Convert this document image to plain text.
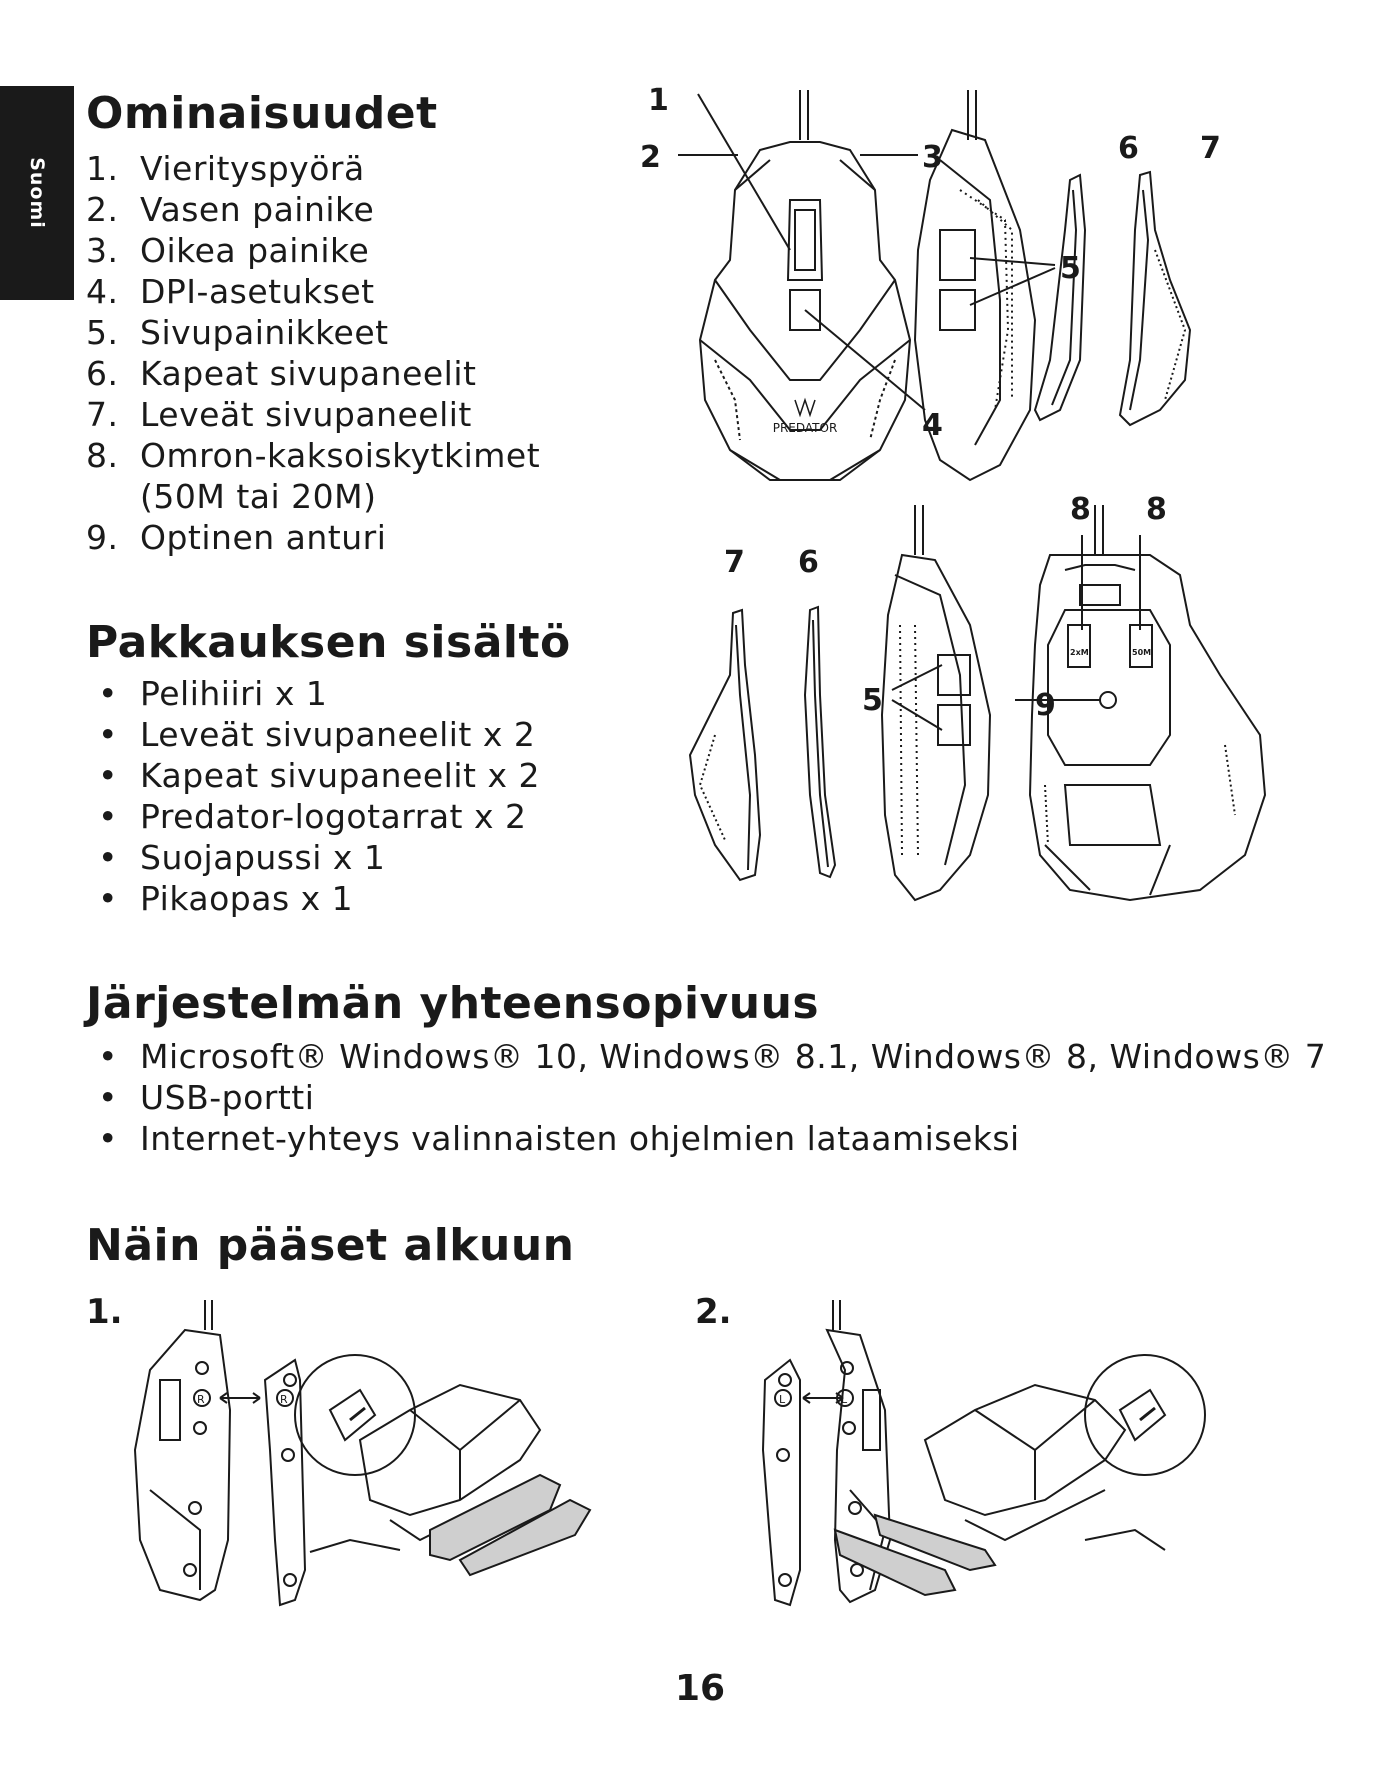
Suomi
Ominaisuudet
1. Vierityspyörä
2. Vasen painike
3. Oikea painike
4. DPI-asetukset
5. Sivupainikkeet
6. Kapeat sivupaneelit
7. Leveät sivupaneelit
8. Omron-kaksoiskytkimet
(50M tai 20M)
9. Optinen anturi
Pakkauksen sisältö
• Pelihiiri x 1
• Leveät sivupaneelit x 2
• Kapeat sivupaneelit x 2
• Predator-logotarrat x 2
• Suojapussi x 1
• Pikaopas x 1
Järjestelmän yhteensopivuus
• Microsoft® Windows® 10, Windows® 8.1, Windows® 8, Windows® 7
• USB-portti
• Internet-yhteys valinnaisten ohjelmien lataamiseksi
Näin pääset alkuun
1.	2.
PREDATOR
1
2	3
4
5
6 7
2xM	50M
7 6
5
8 8
9
R	R	L	L
16
